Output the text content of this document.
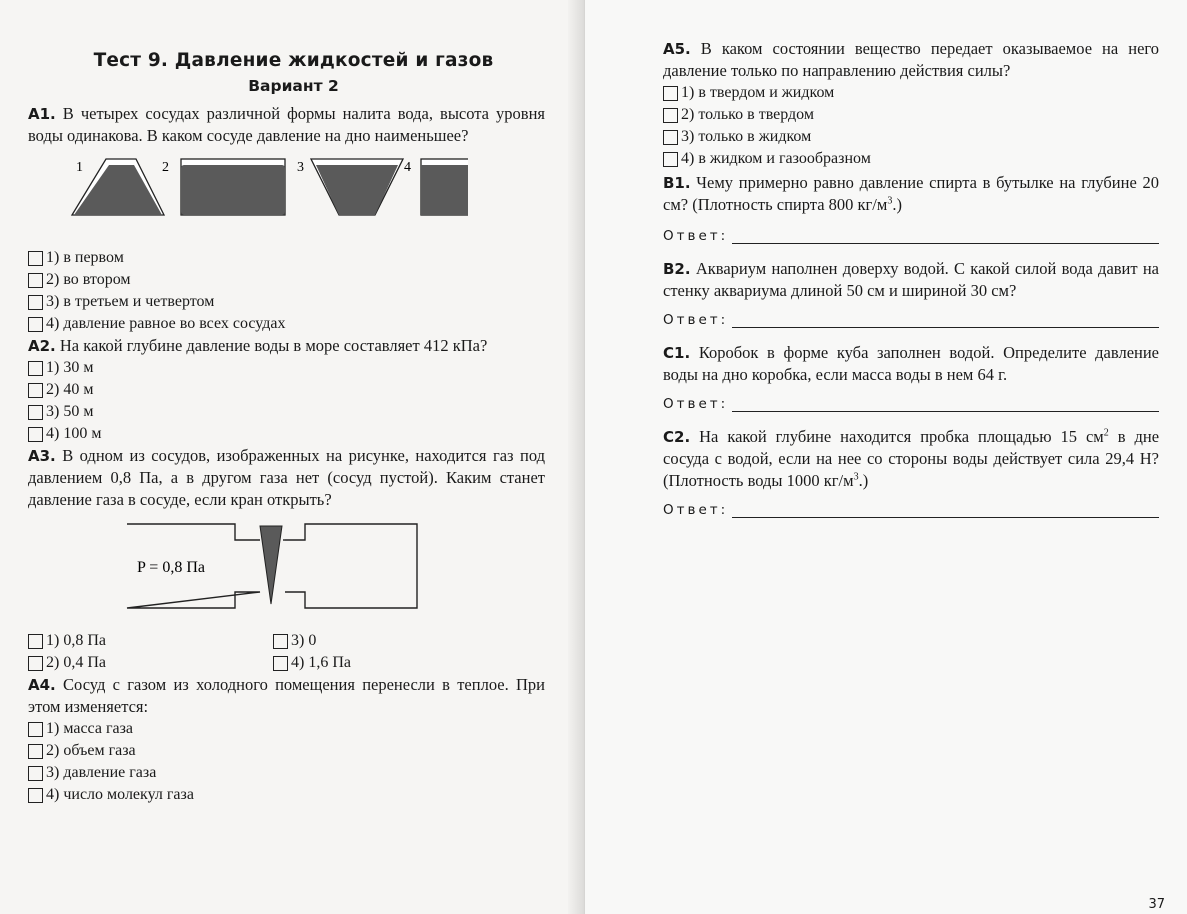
Тест 9. Давление жидкостей и газов
Вариант 2

А1. В четырех сосудах различной формы налита вода, высота уровня воды одинакова. В каком сосуде давление на дно наименьшее?

1	2	3	4
1) в первом
2) во втором
3) в третьем и четвертом
4) давление равное во всех сосудах

А2. На какой глубине давление воды в море составляет 412 кПа?

1) 30 м
2) 40 м
3) 50 м
4) 100 м

А3. В одном из сосудов, изображенных на рисунке, находится газ под давлением 0,8 Па, а в другом газа нет (сосуд пустой). Каким станет давление газа в сосуде, если кран открыть?

P = 0,8 Па
1) 0,8 Па
2) 0,4 Па
3) 0
4) 1,6 Па

А4. Сосуд с газом из холодного помещения перенесли в теплое. При этом изменяется:

1) масса газа
2) объем газа
3) давление газа
4) число молекул газа

А5. В каком состоянии вещество передает оказываемое на него давление только по направлению действия силы?

1) в твердом и жидком
2) только в твердом
3) только в жидком
4) в жидком и газообразном

В1. Чему примерно равно давление спирта в бутылке на глубине 20 см? (Плотность спирта 800 $кг/м^3$.)

Ответ:

В2. Аквариум наполнен доверху водой. С какой силой вода давит на стенку аквариума длиной 50 см и шириной 30 см?

Ответ:

С1. Коробок в форме куба заполнен водой. Определите давление воды на дно коробка, если масса воды в нем 64 г.

Ответ:

С2. На какой глубине находится пробка площадью 15 $см^2$ в дне сосуда с водой, если на нее со стороны воды действует сила 29,4 Н? (Плотность воды 1000 $кг/м^3$.)

Ответ:
37
